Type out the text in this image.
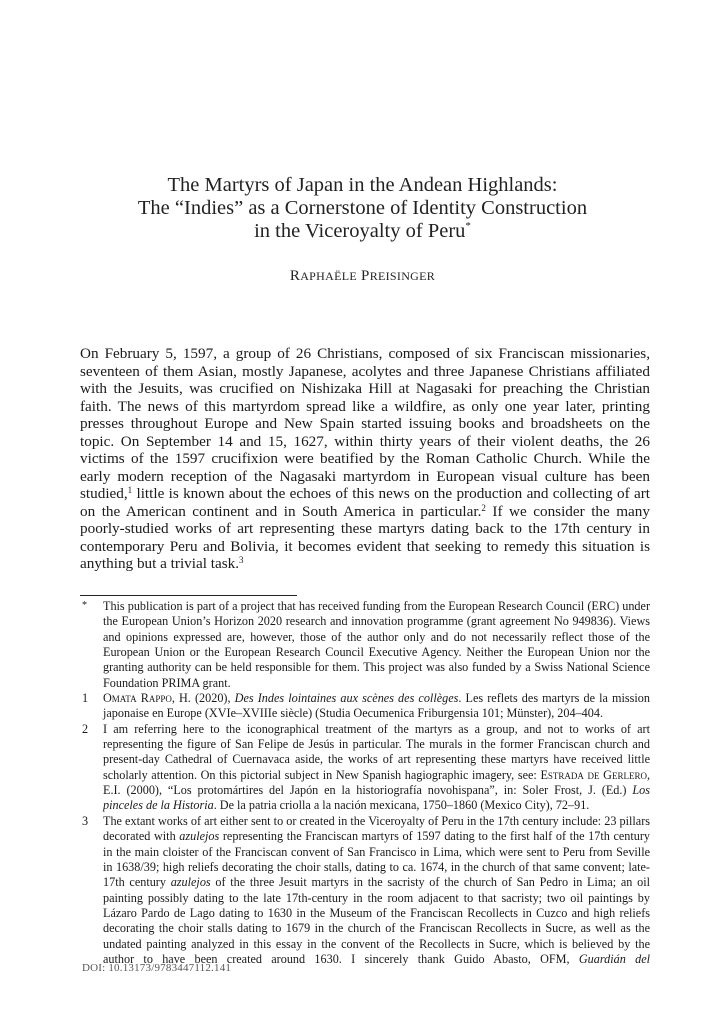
The Martyrs of Japan in the Andean Highlands:
The “Indies” as a Cornerstone of Identity Construction
in the Viceroyalty of Peru*
RAPHAËLE PREISINGER
On February 5, 1597, a group of 26 Christians, composed of six Franciscan missionaries, seventeen of them Asian, mostly Japanese, acolytes and three Japanese Christians affiliated with the Jesuits, was crucified on Nishizaka Hill at Nagasaki for preaching the Christian faith. The news of this martyrdom spread like a wildfire, as only one year later, printing presses throughout Europe and New Spain started issuing books and broadsheets on the topic. On September 14 and 15, 1627, within thirty years of their violent deaths, the 26 victims of the 1597 crucifixion were beatified by the Roman Catholic Church. While the early modern reception of the Nagasaki martyrdom in European visual culture has been studied,$^1$ little is known about the echoes of this news on the production and collecting of art on the American continent and in South America in particular.$^2$ If we consider the many poorly-studied works of art representing these martyrs dating back to the 17th century in contemporary Peru and Bolivia, it becomes evident that seeking to remedy this situation is anything but a trivial task.$^3$
* This publication is part of a project that has received funding from the European Research Council (ERC) under the European Union’s Horizon 2020 research and innovation programme (grant agreement No 949836). Views and opinions expressed are, however, those of the author only and do not necessarily reflect those of the European Union or the European Research Council Executive Agency. Neither the European Union nor the granting authority can be held responsible for them. This project was also funded by a Swiss National Science Foundation PRIMA grant.
1 Omata Rappo, H. (2020), Des Indes lointaines aux scènes des collèges. Les reflets des martyrs de la mission japonaise en Europe (XVIe–XVIIIe siècle) (Studia Oecumenica Friburgensia 101; Münster), 204–404.
2 I am referring here to the iconographical treatment of the martyrs as a group, and not to works of art representing the figure of San Felipe de Jesús in particular. The murals in the former Franciscan church and present-day Cathedral of Cuernavaca aside, the works of art representing these martyrs have received little scholarly attention. On this pictorial subject in New Spanish hagiographic imagery, see: Estrada de Gerlero, E.I. (2000), “Los protomártires del Japón en la historiografía novohispana”, in: Soler Frost, J. (Ed.) Los pinceles de la Historia. De la patria criolla a la nación mexicana, 1750–1860 (Mexico City), 72–91.
3 The extant works of art either sent to or created in the Viceroyalty of Peru in the 17th century include: 23 pillars decorated with azulejos representing the Franciscan martyrs of 1597 dating to the first half of the 17th century in the main cloister of the Franciscan convent of San Francisco in Lima, which were sent to Peru from Seville in 1638/39; high reliefs decorating the choir stalls, dating to ca. 1674, in the church of that same convent; late-17th century azulejos of the three Jesuit martyrs in the sacristy of the church of San Pedro in Lima; an oil painting possibly dating to the late 17th-century in the room adjacent to that sacristy; two oil paintings by Lázaro Pardo de Lago dating to 1630 in the Museum of the Franciscan Recollects in Cuzco and high reliefs decorating the choir stalls dating to 1679 in the church of the Franciscan Recollects in Sucre, as well as the undated painting analyzed in this essay in the convent of the Recollects in Sucre, which is believed by the author to have been created around 1630. I sincerely thank Guido Abasto, OFM, Guardián del
DOI: 10.13173/9783447112.141
